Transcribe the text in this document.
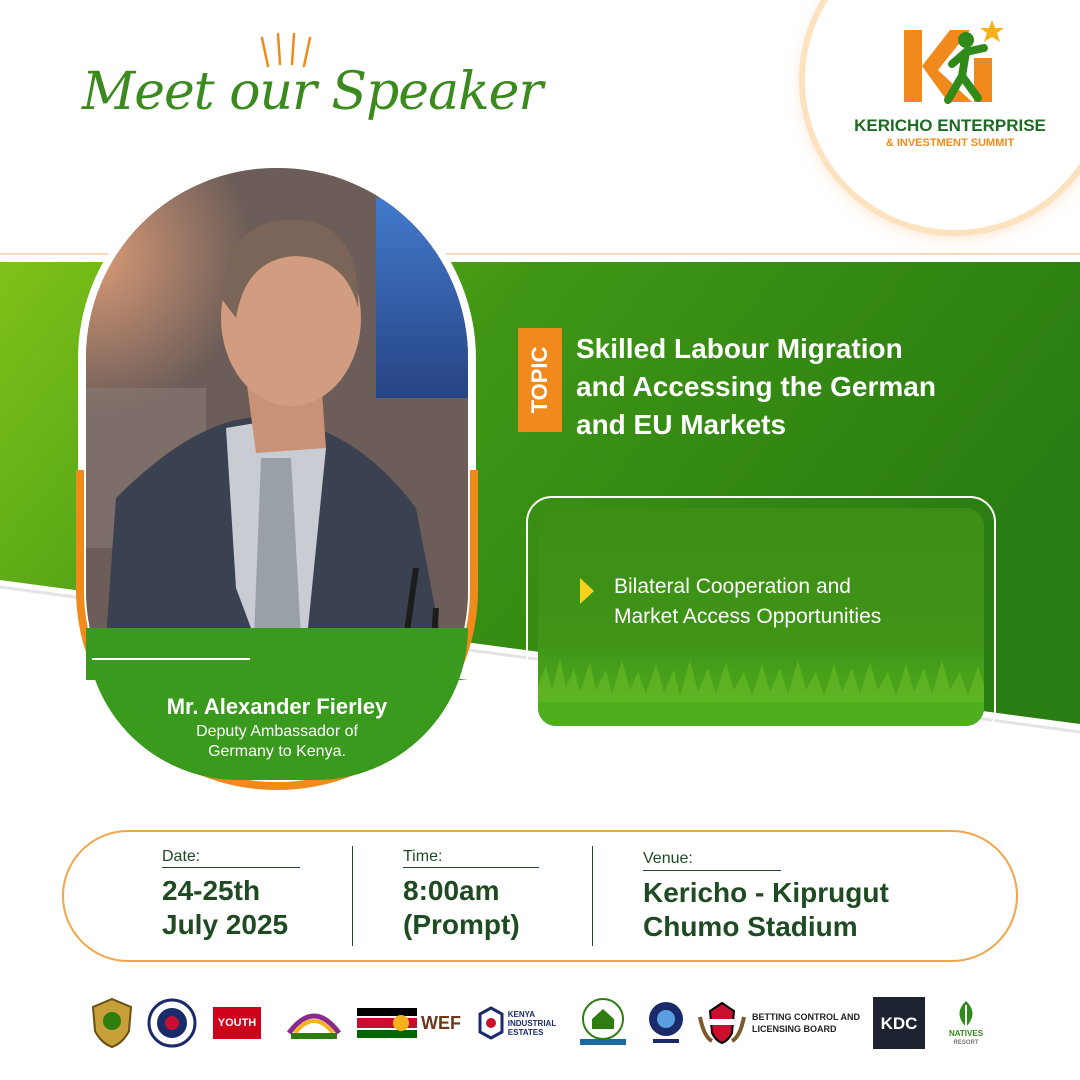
Meet our Speaker
KERICHO ENTERPRISE
& INVESTMENT SUMMIT
Mr. Alexander Fierley
Deputy Ambassador of
Germany to Kenya.
TOPIC Skilled Labour Migration
and Accessing the German
and EU Markets
Bilateral Cooperation and
Market Access Opportunities
Date:
24-25th
July 2025
Time:
8:00am
(Prompt)
Venue:
Kericho - Kiprugut
Chumo Stadium
YOUTH	WEF	KENYA
INDUSTRIAL
ESTATES
BETTING CONTROL AND
LICENSING BOARD	KDC
NATIVES
RESORT
